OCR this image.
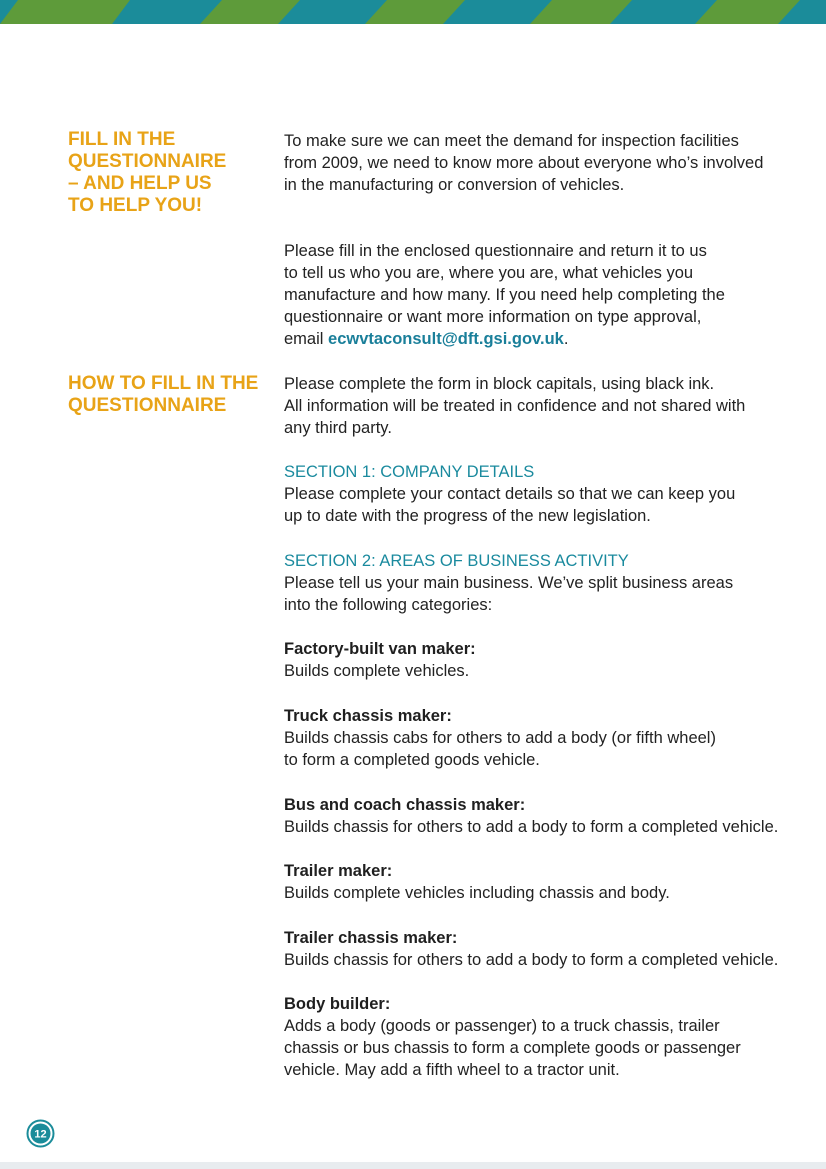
FILL IN THE
QUESTIONNAIRE
– AND HELP US
TO HELP YOU!

To make sure we can meet the demand for inspection facilities
from 2009, we need to know more about everyone who’s involved
in the manufacturing or conversion of vehicles.

Please fill in the enclosed questionnaire and return it to us
to tell us who you are, where you are, what vehicles you
manufacture and how many. If you need help completing the
questionnaire or want more information on type approval,
email ecwvtaconsult@dft.gsi.gov.uk.

HOW TO FILL IN THE
QUESTIONNAIRE

Please complete the form in block capitals, using black ink.
All information will be treated in confidence and not shared with
any third party.

SECTION 1: COMPANY DETAILS

Please complete your contact details so that we can keep you
up to date with the progress of the new legislation.

SECTION 2: AREAS OF BUSINESS ACTIVITY

Please tell us your main business. We’ve split business areas
into the following categories:

Factory-built van maker:

Builds complete vehicles.

Truck chassis maker:

Builds chassis cabs for others to add a body (or fifth wheel)
to form a completed goods vehicle.

Bus and coach chassis maker:

Builds chassis for others to add a body to form a completed vehicle.

Trailer maker:

Builds complete vehicles including chassis and body.

Trailer chassis maker:

Builds chassis for others to add a body to form a completed vehicle.

Body builder:

Adds a body (goods or passenger) to a truck chassis, trailer
chassis or bus chassis to form a complete goods or passenger
vehicle. May add a fifth wheel to a tractor unit.

12
